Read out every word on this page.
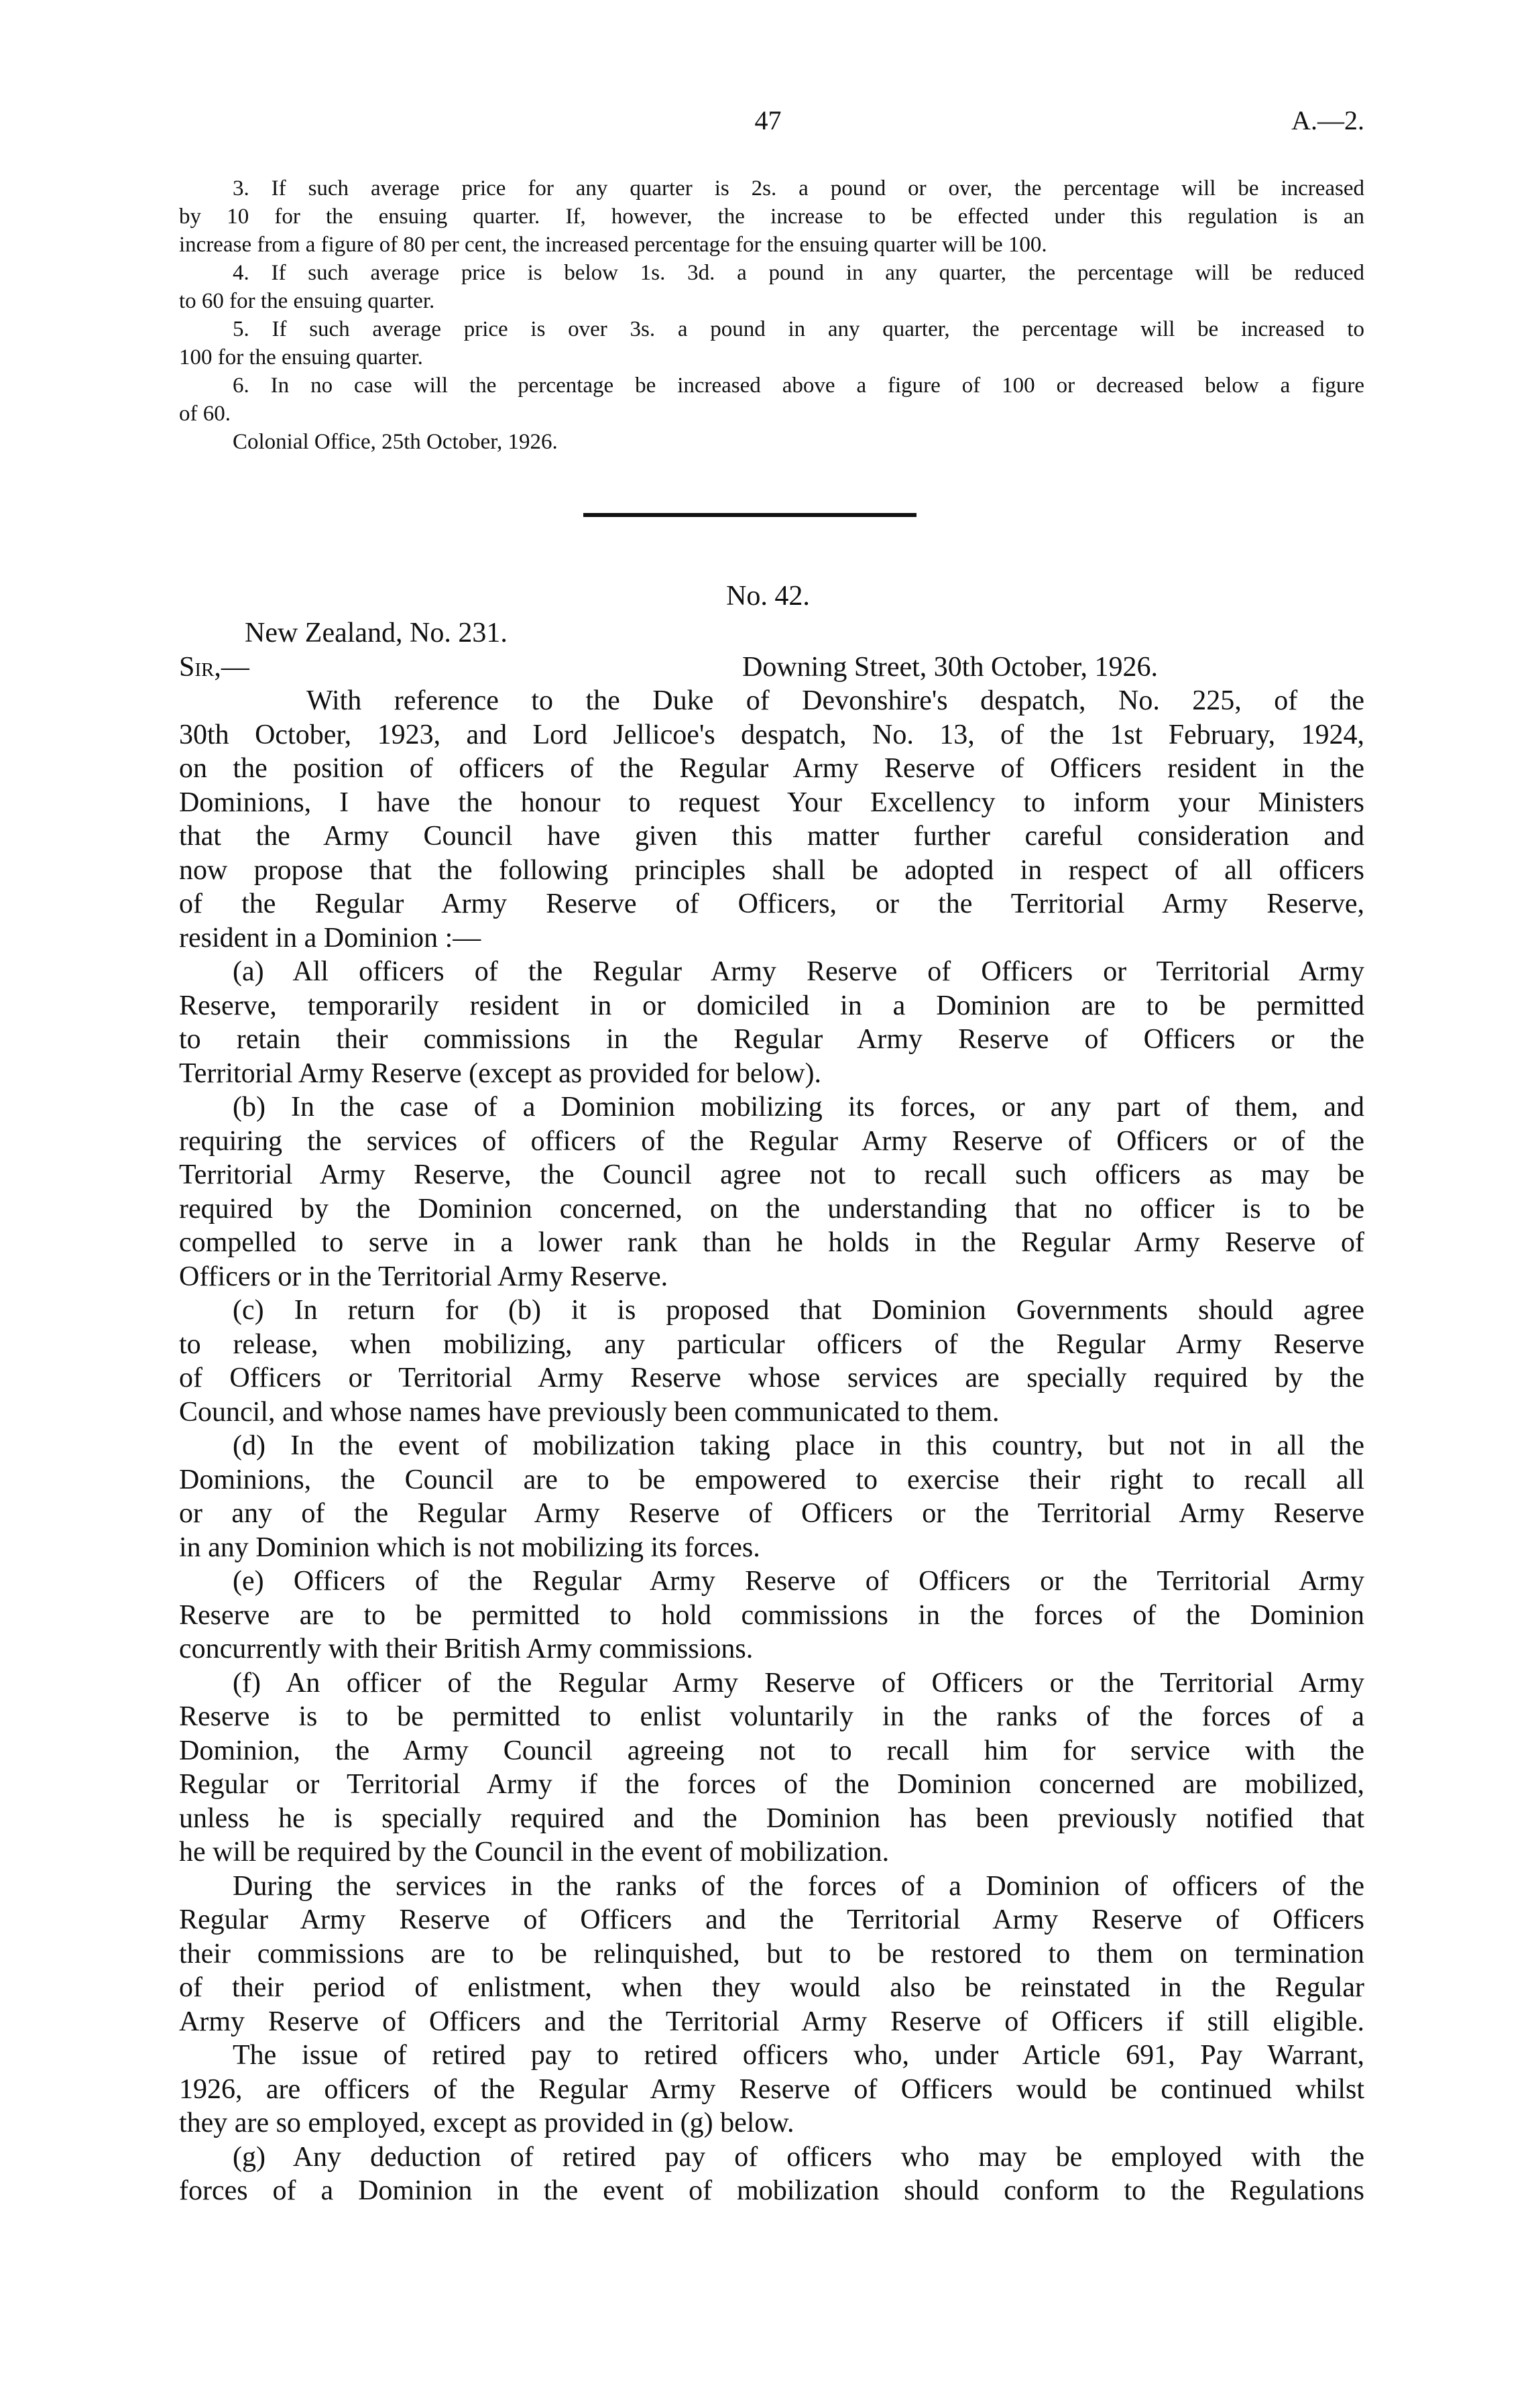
47	A.—2.
3. If such average price for any quarter is 2s. a pound or over, the percentage will be increased
by 10 for the ensuing quarter. If, however, the increase to be effected under this regulation is an
increase from a figure of 80 per cent, the increased percentage for the ensuing quarter will be 100.
4. If such average price is below 1s. 3d. a pound in any quarter, the percentage will be reduced
to 60 for the ensuing quarter.
5. If such average price is over 3s. a pound in any quarter, the percentage will be increased to
100 for the ensuing quarter.
6. In no case will the percentage be increased above a figure of 100 or decreased below a figure
of 60.
Colonial Office, 25th October, 1926.
No. 42.
New Zealand, No. 231.
Sir,—	Downing Street, 30th October, 1926.
With reference to the Duke of Devonshire's despatch, No. 225, of the
30th October, 1923, and Lord Jellicoe's despatch, No. 13, of the 1st February, 1924,
on the position of officers of the Regular Army Reserve of Officers resident in the
Dominions, I have the honour to request Your Excellency to inform your Ministers
that the Army Council have given this matter further careful consideration and
now propose that the following principles shall be adopted in respect of all officers
of the Regular Army Reserve of Officers, or the Territorial Army Reserve,
resident in a Dominion :—
(a) All officers of the Regular Army Reserve of Officers or Territorial Army
Reserve, temporarily resident in or domiciled in a Dominion are to be permitted
to retain their commissions in the Regular Army Reserve of Officers or the
Territorial Army Reserve (except as provided for below).
(b) In the case of a Dominion mobilizing its forces, or any part of them, and
requiring the services of officers of the Regular Army Reserve of Officers or of the
Territorial Army Reserve, the Council agree not to recall such officers as may be
required by the Dominion concerned, on the understanding that no officer is to be
compelled to serve in a lower rank than he holds in the Regular Army Reserve of
Officers or in the Territorial Army Reserve.
(c) In return for (b) it is proposed that Dominion Governments should agree
to release, when mobilizing, any particular officers of the Regular Army Reserve
of Officers or Territorial Army Reserve whose services are specially required by the
Council, and whose names have previously been communicated to them.
(d) In the event of mobilization taking place in this country, but not in all the
Dominions, the Council are to be empowered to exercise their right to recall all
or any of the Regular Army Reserve of Officers or the Territorial Army Reserve
in any Dominion which is not mobilizing its forces.
(e) Officers of the Regular Army Reserve of Officers or the Territorial Army
Reserve are to be permitted to hold commissions in the forces of the Dominion
concurrently with their British Army commissions.
(f) An officer of the Regular Army Reserve of Officers or the Territorial Army
Reserve is to be permitted to enlist voluntarily in the ranks of the forces of a
Dominion, the Army Council agreeing not to recall him for service with the
Regular or Territorial Army if the forces of the Dominion concerned are mobilized,
unless he is specially required and the Dominion has been previously notified that
he will be required by the Council in the event of mobilization.
During the services in the ranks of the forces of a Dominion of officers of the
Regular Army Reserve of Officers and the Territorial Army Reserve of Officers
their commissions are to be relinquished, but to be restored to them on termination
of their period of enlistment, when they would also be reinstated in the Regular
Army Reserve of Officers and the Territorial Army Reserve of Officers if still eligible.
The issue of retired pay to retired officers who, under Article 691, Pay Warrant,
1926, are officers of the Regular Army Reserve of Officers would be continued whilst
they are so employed, except as provided in (g) below.
(g) Any deduction of retired pay of officers who may be employed with the
forces of a Dominion in the event of mobilization should conform to the Regulations
